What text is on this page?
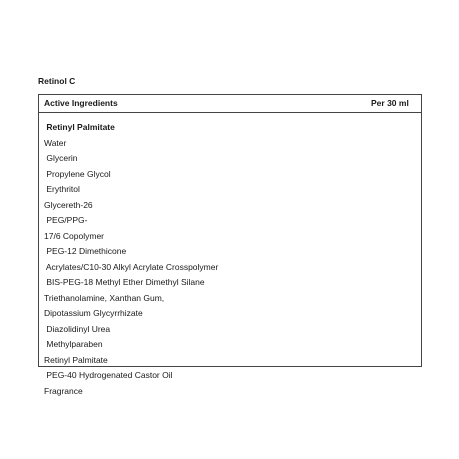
Retinol C
Active Ingredients	Per 30 ml
Retinyl Palmitate
Water
Glycerin
Propylene Glycol
Erythritol
Glycereth-26
PEG/PPG-
17/6 Copolymer
PEG-12 Dimethicone
Acrylates/C10-30 Alkyl Acrylate Crosspolymer
BIS-PEG-18 Methyl Ether Dimethyl Silane
Triethanolamine, Xanthan Gum,
Dipotassium Glycyrrhizate
Diazolidinyl Urea
Methylparaben
Retinyl Palmitate
PEG-40 Hydrogenated Castor Oil
Fragrance
